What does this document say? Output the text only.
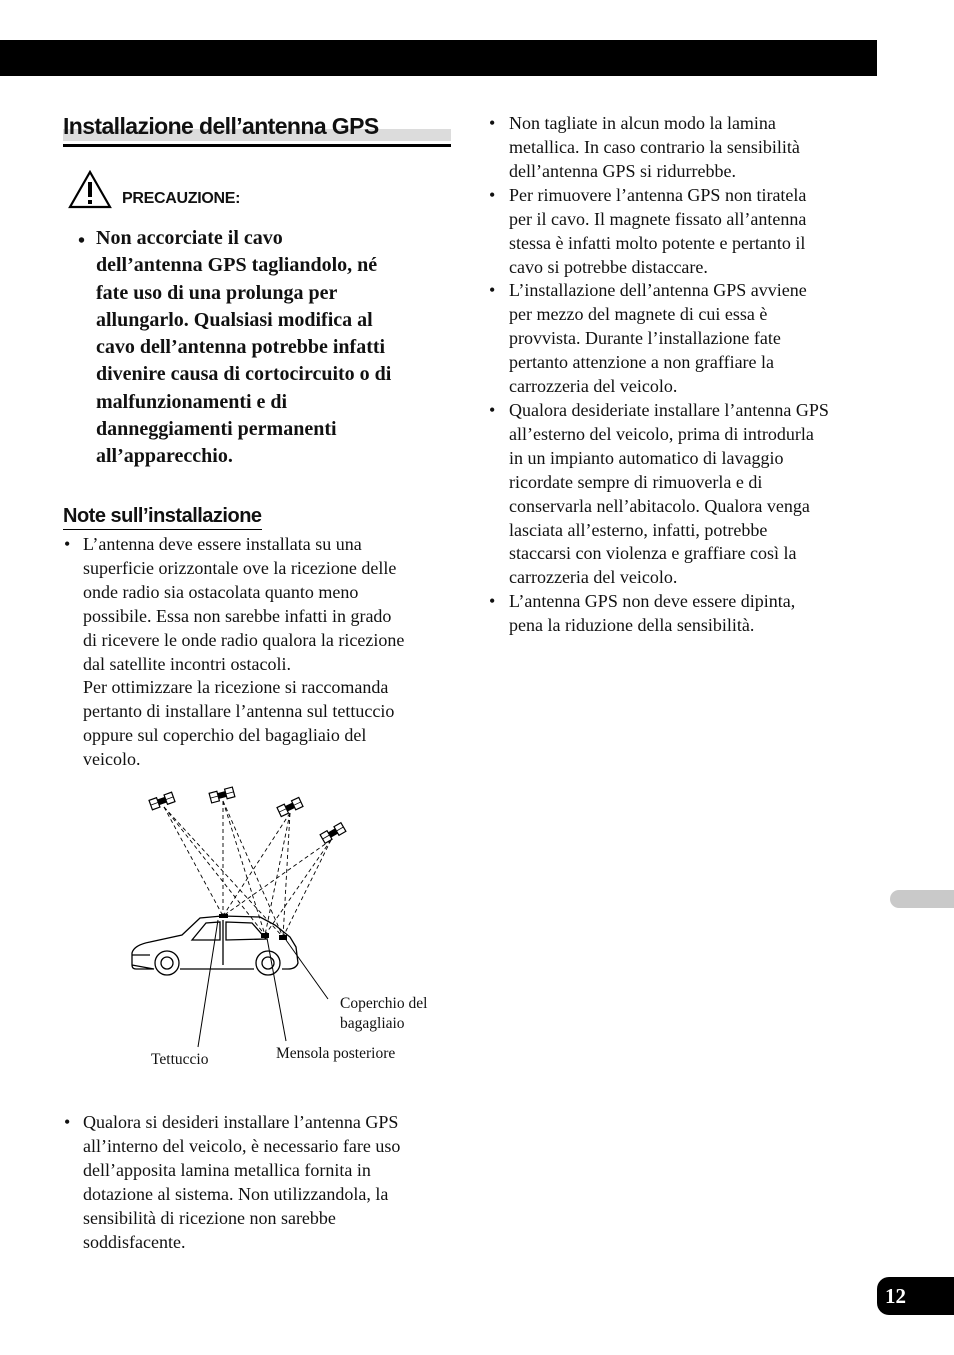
12
Installazione dell’antenna GPS
PRECAUZIONE:
• Non accorciate il cavo
dell’antenna GPS tagliandolo, né
fate uso di una prolunga per
allungarlo. Qualsiasi modifica al
cavo dell’antenna potrebbe infatti
divenire causa di cortocircuito o di
malfunzionamenti e di
danneggiamenti permanenti
all’apparecchio.
Note sull’installazione
• L’antenna deve essere installata su una
superficie orizzontale ove la ricezione delle
onde radio sia ostacolata quanto meno
possibile. Essa non sarebbe infatti in grado
di ricevere le onde radio qualora la ricezione
dal satellite incontri ostacoli.
Per ottimizzare la ricezione si raccomanda
pertanto di installare l’antenna sul tettuccio
oppure sul coperchio del bagagliaio del
veicolo.
Tettuccio	Mensola posteriore
Coperchio del
bagagliaio
• Qualora si desideri installare l’antenna GPS
all’interno del veicolo, è necessario fare uso
dell’apposita lamina metallica fornita in
dotazione al sistema. Non utilizzandola, la
sensibilità di ricezione non sarebbe
soddisfacente.
• Non tagliate in alcun modo la lamina
metallica. In caso contrario la sensibilità
dell’antenna GPS si ridurrebbe.
• Per rimuovere l’antenna GPS non tiratela
per il cavo. Il magnete fissato all’antenna
stessa è infatti molto potente e pertanto il
cavo si potrebbe distaccare.
• L’installazione dell’antenna GPS avviene
per mezzo del magnete di cui essa è
provvista. Durante l’installazione fate
pertanto attenzione a non graffiare la
carrozzeria del veicolo.
• Qualora desideriate installare l’antenna GPS
all’esterno del veicolo, prima di introdurla
in un impianto automatico di lavaggio
ricordate sempre di rimuoverla e di
conservarla nell’abitacolo. Qualora venga
lasciata all’esterno, infatti, potrebbe
staccarsi con violenza e graffiare così la
carrozzeria del veicolo.
• L’antenna GPS non deve essere dipinta,
pena la riduzione della sensibilità.
